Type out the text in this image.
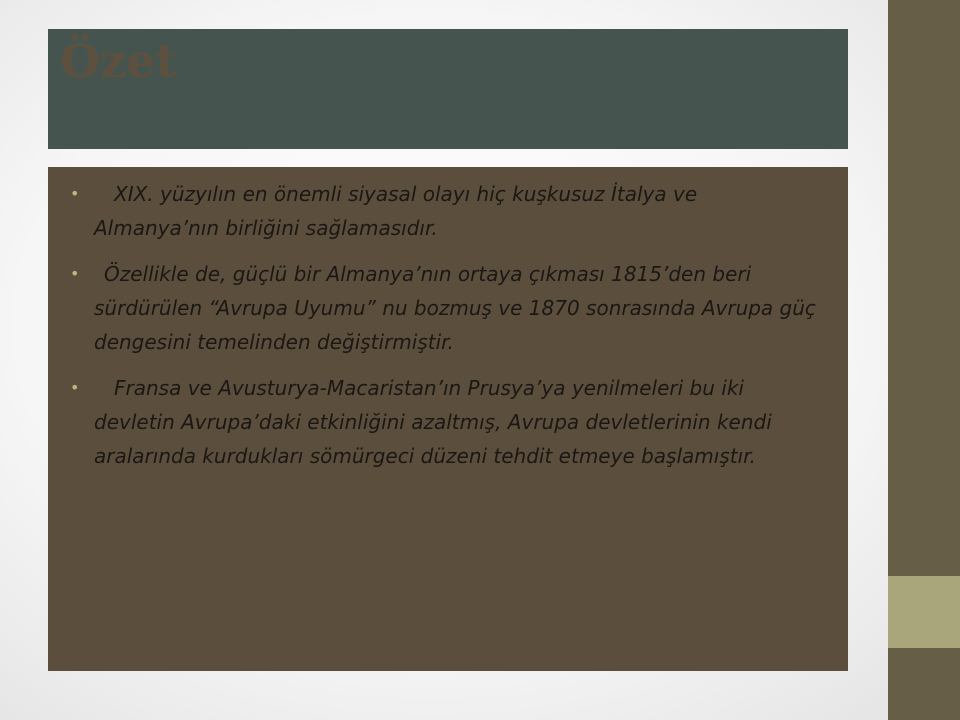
Özet
•	XIX. yüzyılın en önemli siyasal olayı hiç kuşkusuz İtalya ve Almanya’nın birliğini sağlamasıdır.
•	Özellikle de, güçlü bir Almanya’nın ortaya çıkması 1815’den beri sürdürülen “Avrupa Uyumu” nu bozmuş ve 1870 sonrasında Avrupa güç dengesini temelinden değiştirmiştir.
•	Fransa ve Avusturya-Macaristan’ın Prusya’ya yenilmeleri bu iki devletin Avrupa’daki etkinliğini azaltmış, Avrupa devletlerinin kendi aralarında kurdukları sömürgeci düzeni tehdit etmeye başlamıştır.
